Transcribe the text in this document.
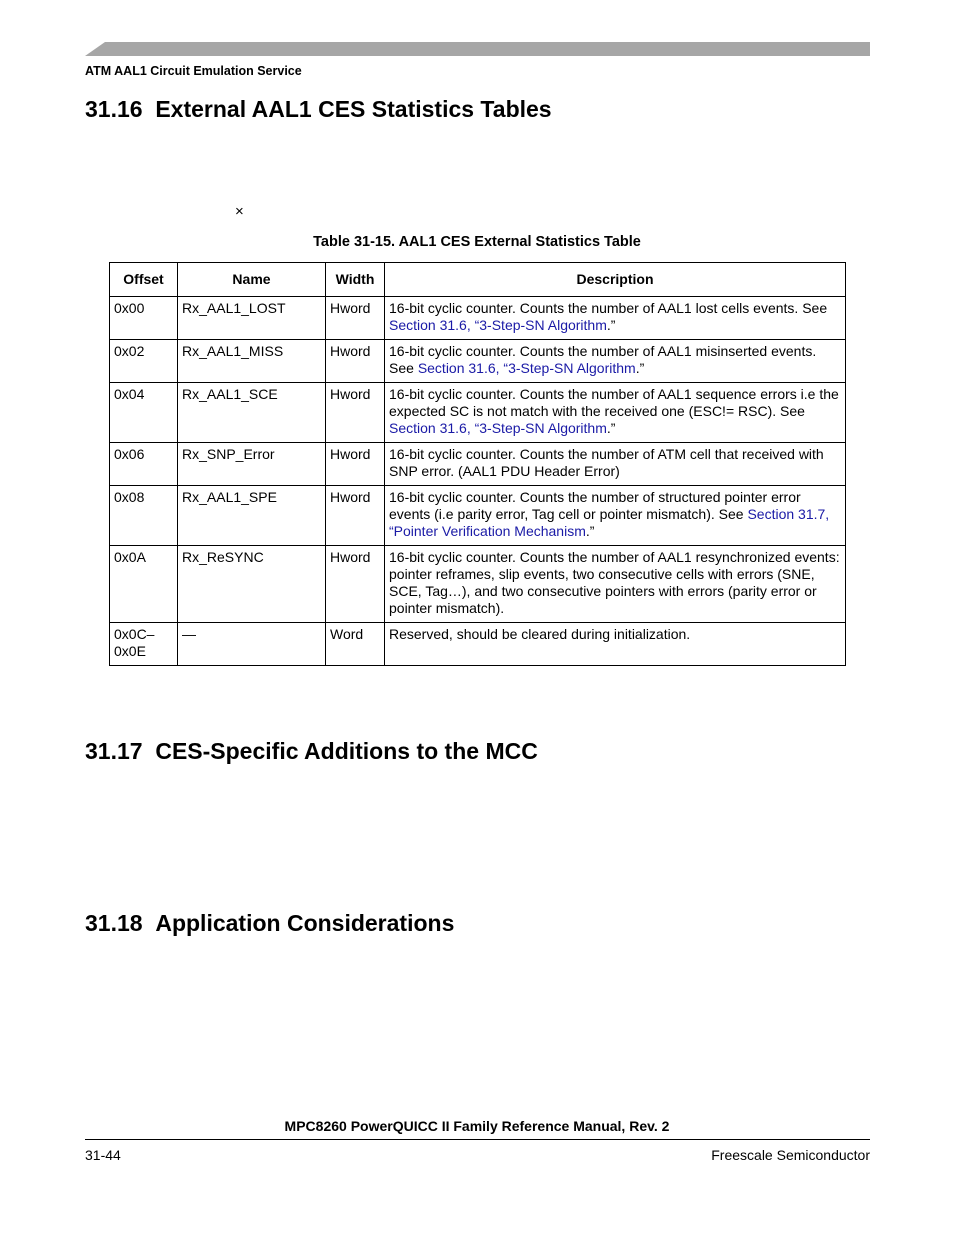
ATM AAL1 Circuit Emulation Service
31.16 External AAL1 CES Statistics Tables
×
Table 31-15. AAL1 CES External Statistics Table
Offset	Name	Width	Description
0x00	Rx_AAL1_LOST	Hword	16-bit cyclic counter. Counts the number of AAL1 lost cells events. See Section 31.6, “3-Step-SN Algorithm.”
0x02	Rx_AAL1_MISS	Hword	16-bit cyclic counter. Counts the number of AAL1 misinserted events. See Section 31.6, “3-Step-SN Algorithm.”
0x04	Rx_AAL1_SCE	Hword	16-bit cyclic counter. Counts the number of AAL1 sequence errors i.e the expected SC is not match with the received one (ESC!= RSC). See Section 31.6, “3-Step-SN Algorithm.”
0x06	Rx_SNP_Error	Hword	16-bit cyclic counter. Counts the number of ATM cell that received with SNP error. (AAL1 PDU Header Error)
0x08	Rx_AAL1_SPE	Hword	16-bit cyclic counter. Counts the number of structured pointer error events (i.e parity error, Tag cell or pointer mismatch). See Section 31.7, “Pointer Verification Mechanism.”
0x0A	Rx_ReSYNC	Hword	16-bit cyclic counter. Counts the number of AAL1 resynchronized events: pointer reframes, slip events, two consecutive cells with errors (SNE, SCE, Tag…), and two consecutive pointers with errors (parity error or pointer mismatch).
0x0C–0x0E	—	Word	Reserved, should be cleared during initialization.
31.17 CES-Specific Additions to the MCC
31.18 Application Considerations
MPC8260 PowerQUICC II Family Reference Manual, Rev. 2
31-44	Freescale Semiconductor
